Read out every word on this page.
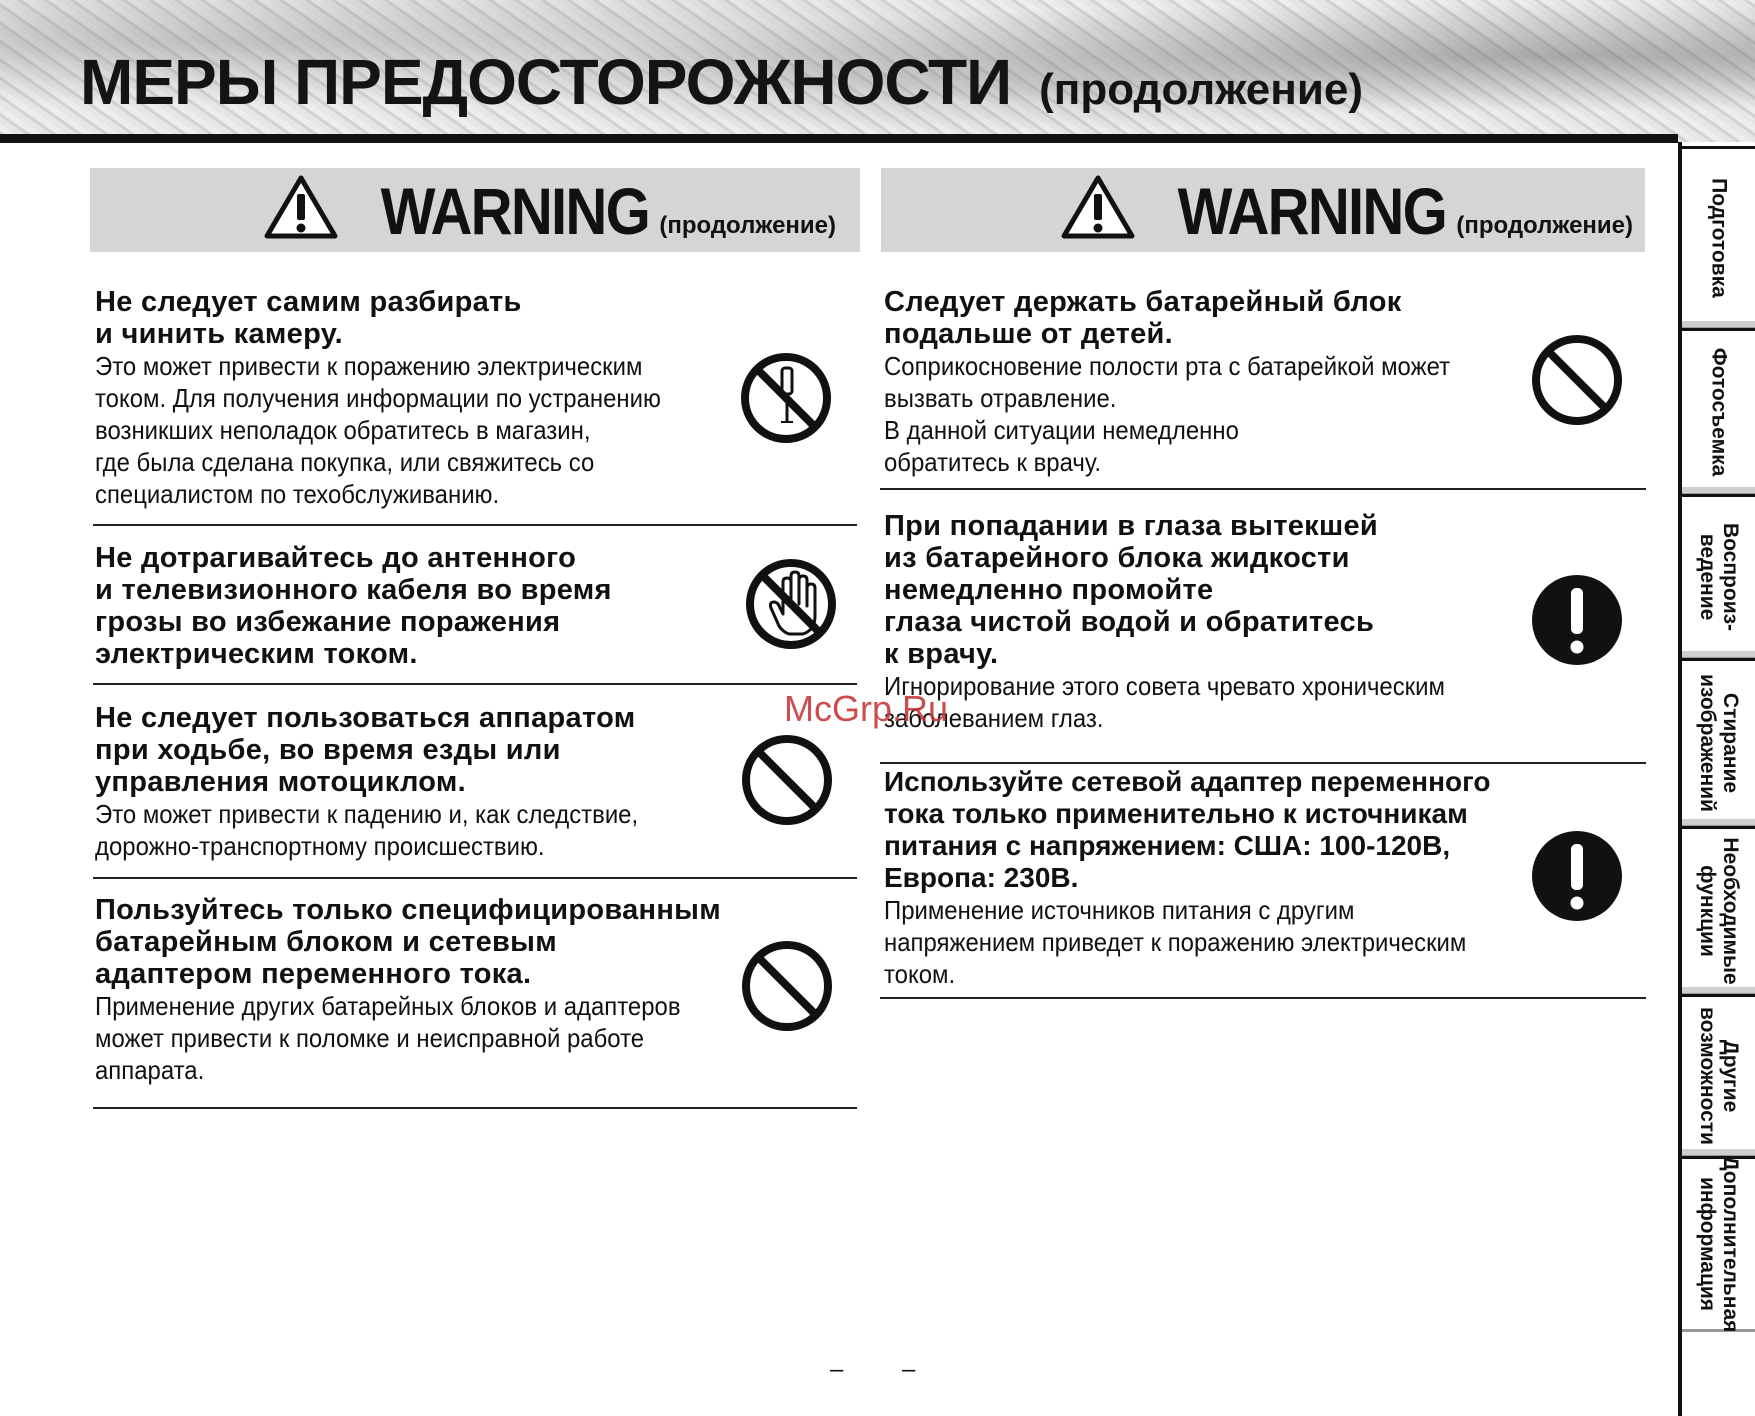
МЕРЫ ПРЕДОСТОРОЖНОСТИ (продолжение)
WARNING (продолжение)	WARNING (продолжение)

Не следует самим разбирать

и чинить камеру.

Это может привести к поражению электрическим

током. Для получения информации по устранению

возникших неполадок обратитесь в магазин,

где была сделана покупка, или свяжитесь со

специалистом по техобслуживанию.

Не дотрагивайтесь до антенного

и телевизионного кабеля во время

грозы во избежание поражения

электрическим током.

Не следует пользоваться аппаратом

при ходьбе, во время езды или

управления мотоциклом.

Это может привести к падению и, как следствие,

дорожно-транспортному происшествию.

Пользуйтесь только специфицированным

батарейным блоком и сетевым

адаптером переменного тока.

Применение других батарейных блоков и адаптеров

может привести к поломке и неисправной работе

аппарата.

Следует держать батарейный блок

подальше от детей.

Соприкосновение полости рта с батарейкой может

вызвать отравление.

В данной ситуации немедленно

обратитесь к врачу.

При попадании в глаза вытекшей

из батарейного блока жидкости

немедленно промойте

глаза чистой водой и обратитесь

к врачу.

Игнорирование этого совета чревато хроническим

заболеванием глаз.

Используйте сетевой адаптер переменного

тока только применительно к источникам

питания с напряжением: США: 100-120В,

Европа: 230В.

Применение источников питания с другим

напряжением приведет к поражению электрическим

током.

McGrp.Ru
Подготовка
Фотосъемка
Воспроиз-
ведение
Стирание
изображений
Необходимые
функции
Другие
возможности
Дополнительная
информация
– –
